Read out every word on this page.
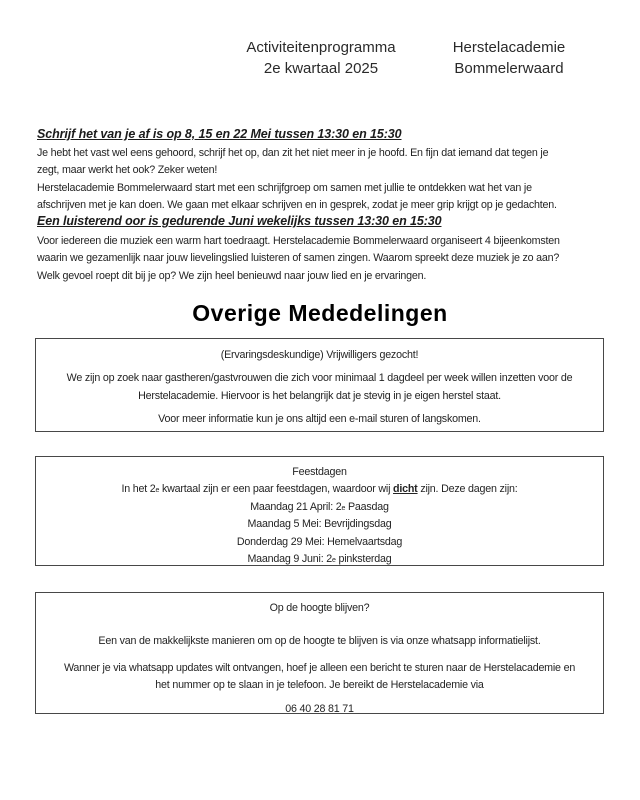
Activiteitenprogramma
2e kwartaal 2025
Herstelacademie
Bommelerwaard
Schrijf het van je af is op 8, 15 en 22 Mei tussen 13:30 en 15:30
Je hebt het vast wel eens gehoord, schrijf het op, dan zit het niet meer in je hoofd. En fijn dat iemand dat tegen je
zegt, maar werkt het ook? Zeker weten!
Herstelacademie Bommelerwaard start met een schrijfgroep om samen met jullie te ontdekken wat het van je
afschrijven met je kan doen. We gaan met elkaar schrijven en in gesprek, zodat je meer grip krijgt op je gedachten.
Een luisterend oor is gedurende Juni wekelijks tussen 13:30 en 15:30
Voor iedereen die muziek een warm hart toedraagt. Herstelacademie Bommelerwaard organiseert 4 bijeenkomsten
waarin we gezamenlijk naar jouw lievelingslied luisteren of samen zingen. Waarom spreekt deze muziek je zo aan?
Welk gevoel roept dit bij je op? We zijn heel benieuwd naar jouw lied en je ervaringen.
Overige Mededelingen
(Ervaringsdeskundige) Vrijwilligers gezocht!
We zijn op zoek naar gastheren/gastvrouwen die zich voor minimaal 1 dagdeel per week willen inzetten voor de
Herstelacademie. Hiervoor is het belangrijk dat je stevig in je eigen herstel staat.
Voor meer informatie kun je ons altijd een e-mail sturen of langskomen.
Feestdagen
In het 2e kwartaal zijn er een paar feestdagen, waardoor wij dicht zijn. Deze dagen zijn:
Maandag 21 April: 2e Paasdag
Maandag 5 Mei: Bevrijdingsdag
Donderdag 29 Mei: Hemelvaartsdag
Maandag 9 Juni: 2e pinksterdag
Op de hoogte blijven?
Een van de makkelijkste manieren om op de hoogte te blijven is via onze whatsapp informatielijst.
Wanner je via whatsapp updates wilt ontvangen, hoef je alleen een bericht te sturen naar de Herstelacademie en
het nummer op te slaan in je telefoon. Je bereikt de Herstelacademie via
06 40 28 81 71
